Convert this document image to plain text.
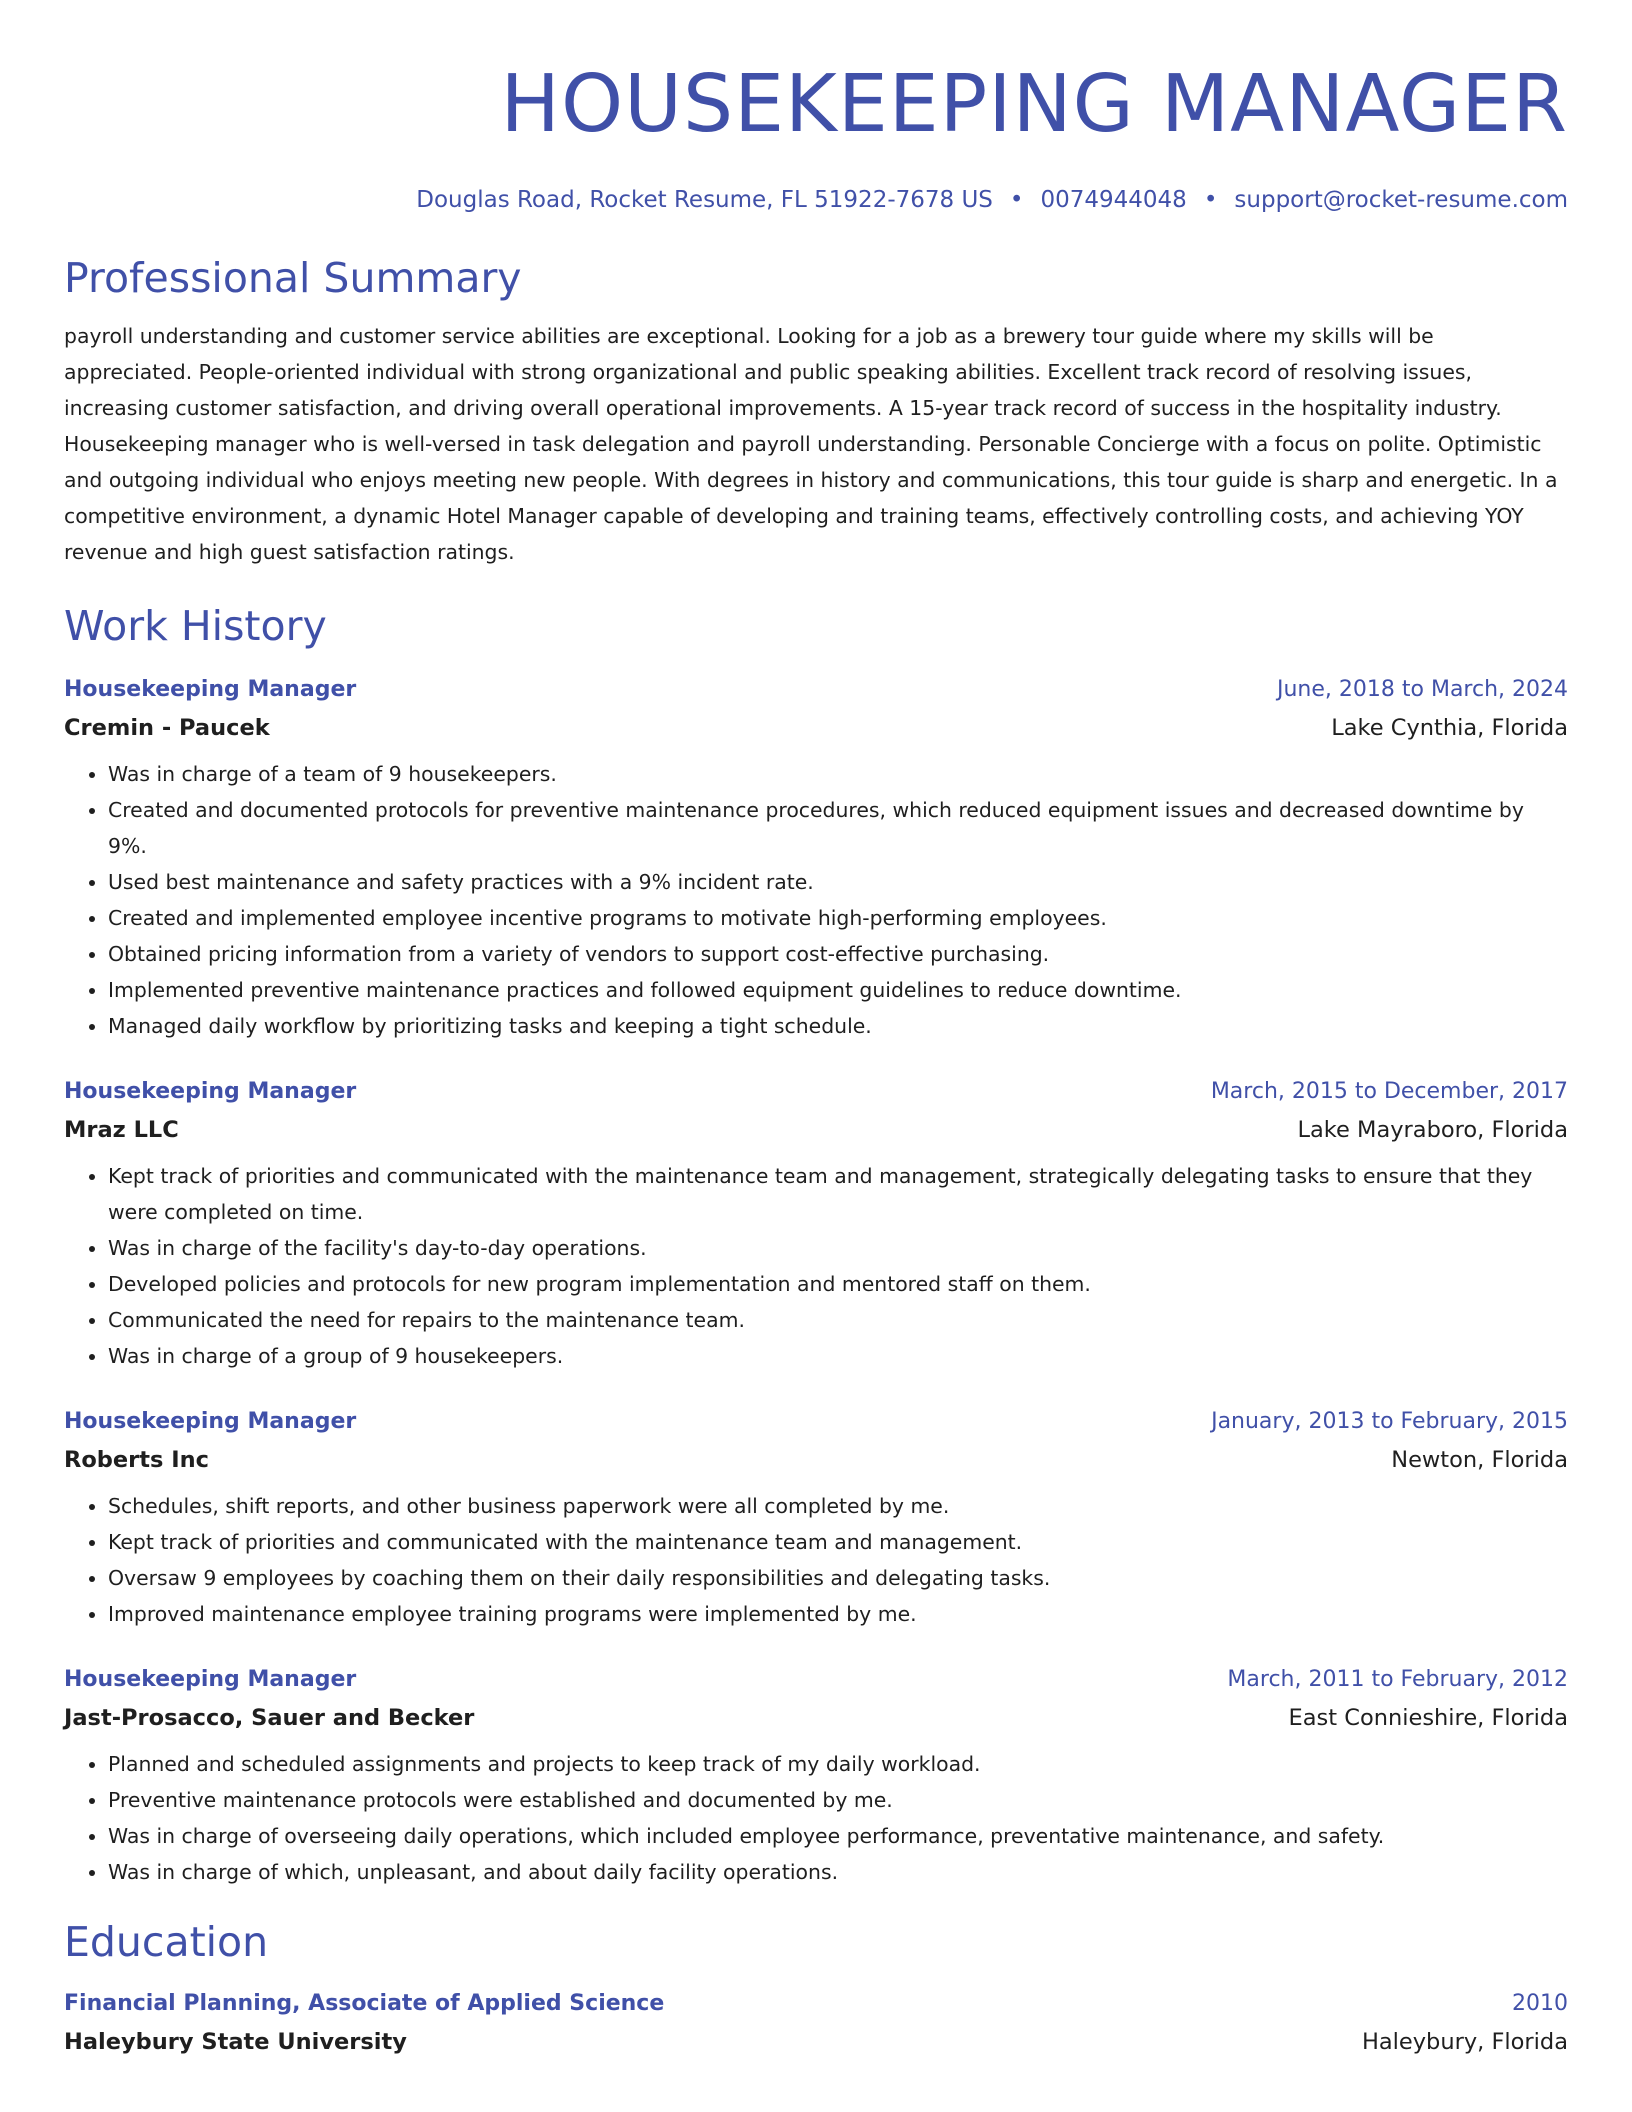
HOUSEKEEPING MANAGER
Douglas Road, Rocket Resume, FL 51922-7678 US • 0074944048 • support@rocket-resume.com
Professional Summary

payroll understanding and customer service abilities are exceptional. Looking for a job as a brewery tour guide where my skills will be appreciated. People-oriented individual with strong organizational and public speaking abilities. Excellent track record of resolving issues, increasing customer satisfaction, and driving overall operational improvements. A 15-year track record of success in the hospitality industry. Housekeeping manager who is well-versed in task delegation and payroll understanding. Personable Concierge with a focus on polite. Optimistic and outgoing individual who enjoys meeting new people. With degrees in history and communications, this tour guide is sharp and energetic. In a competitive environment, a dynamic Hotel Manager capable of developing and training teams, effectively controlling costs, and achieving YOY revenue and high guest satisfaction ratings.

Work History
Housekeeping Manager	June, 2018 to March, 2024
Cremin - Paucek	Lake Cynthia, Florida
• Was in charge of a team of 9 housekeepers.
• Created and documented protocols for preventive maintenance procedures, which reduced equipment issues and decreased downtime by 9%.
• Used best maintenance and safety practices with a 9% incident rate.
• Created and implemented employee incentive programs to motivate high-performing employees.
• Obtained pricing information from a variety of vendors to support cost-effective purchasing.
• Implemented preventive maintenance practices and followed equipment guidelines to reduce downtime.
• Managed daily workflow by prioritizing tasks and keeping a tight schedule.
Housekeeping Manager	March, 2015 to December, 2017
Mraz LLC	Lake Mayraboro, Florida
• Kept track of priorities and communicated with the maintenance team and management, strategically delegating tasks to ensure that they were completed on time.
• Was in charge of the facility's day-to-day operations.
• Developed policies and protocols for new program implementation and mentored staff on them.
• Communicated the need for repairs to the maintenance team.
• Was in charge of a group of 9 housekeepers.
Housekeeping Manager	January, 2013 to February, 2015
Roberts Inc	Newton, Florida
• Schedules, shift reports, and other business paperwork were all completed by me.
• Kept track of priorities and communicated with the maintenance team and management.
• Oversaw 9 employees by coaching them on their daily responsibilities and delegating tasks.
• Improved maintenance employee training programs were implemented by me.
Housekeeping Manager	March, 2011 to February, 2012
Jast-Prosacco, Sauer and Becker	East Connieshire, Florida
• Planned and scheduled assignments and projects to keep track of my daily workload.
• Preventive maintenance protocols were established and documented by me.
• Was in charge of overseeing daily operations, which included employee performance, preventative maintenance, and safety.
• Was in charge of which, unpleasant, and about daily facility operations.
Education
Financial Planning, Associate of Applied Science	2010
Haleybury State University	Haleybury, Florida
